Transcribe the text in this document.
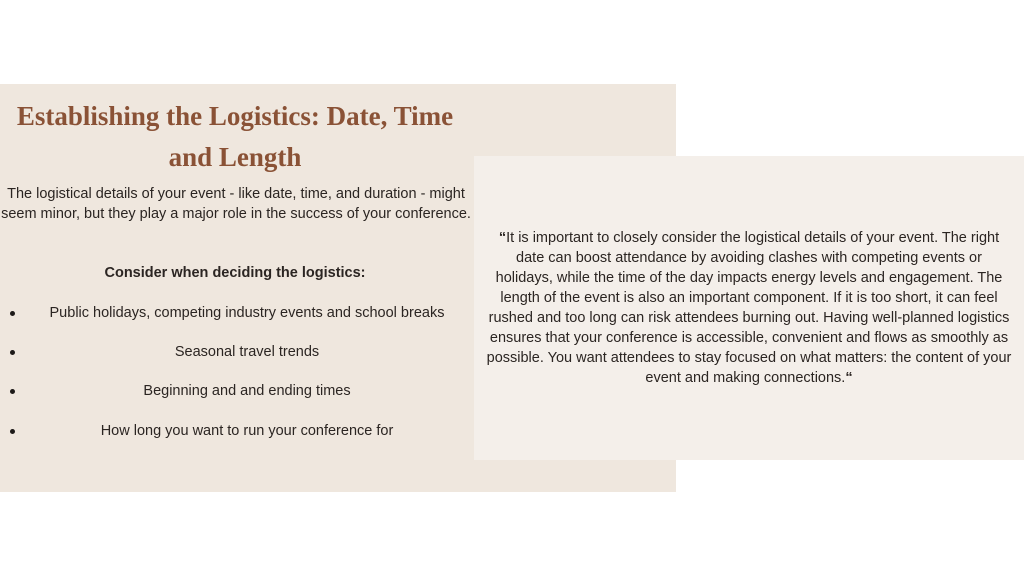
Establishing the Logistics: Date, Time and Length

The logistical details of your event - like date, time, and duration - might seem minor, but they play a major role in the success of your conference.

Consider when deciding the logistics:

Public holidays, competing industry events and school breaks
Seasonal travel trends
Beginning and and ending times
How long you want to run your conference for

“It is important to closely consider the logistical details of your event. The right date can boost attendance by avoiding clashes with competing events or holidays, while the time of the day impacts energy levels and engagement. The length of the event is also an important component. If it is too short, it can feel rushed and too long can risk attendees burning out. Having well-planned logistics ensures that your conference is accessible, convenient and flows as smoothly as possible. You want attendees to stay focused on what matters: the content of your event and making connections.“
